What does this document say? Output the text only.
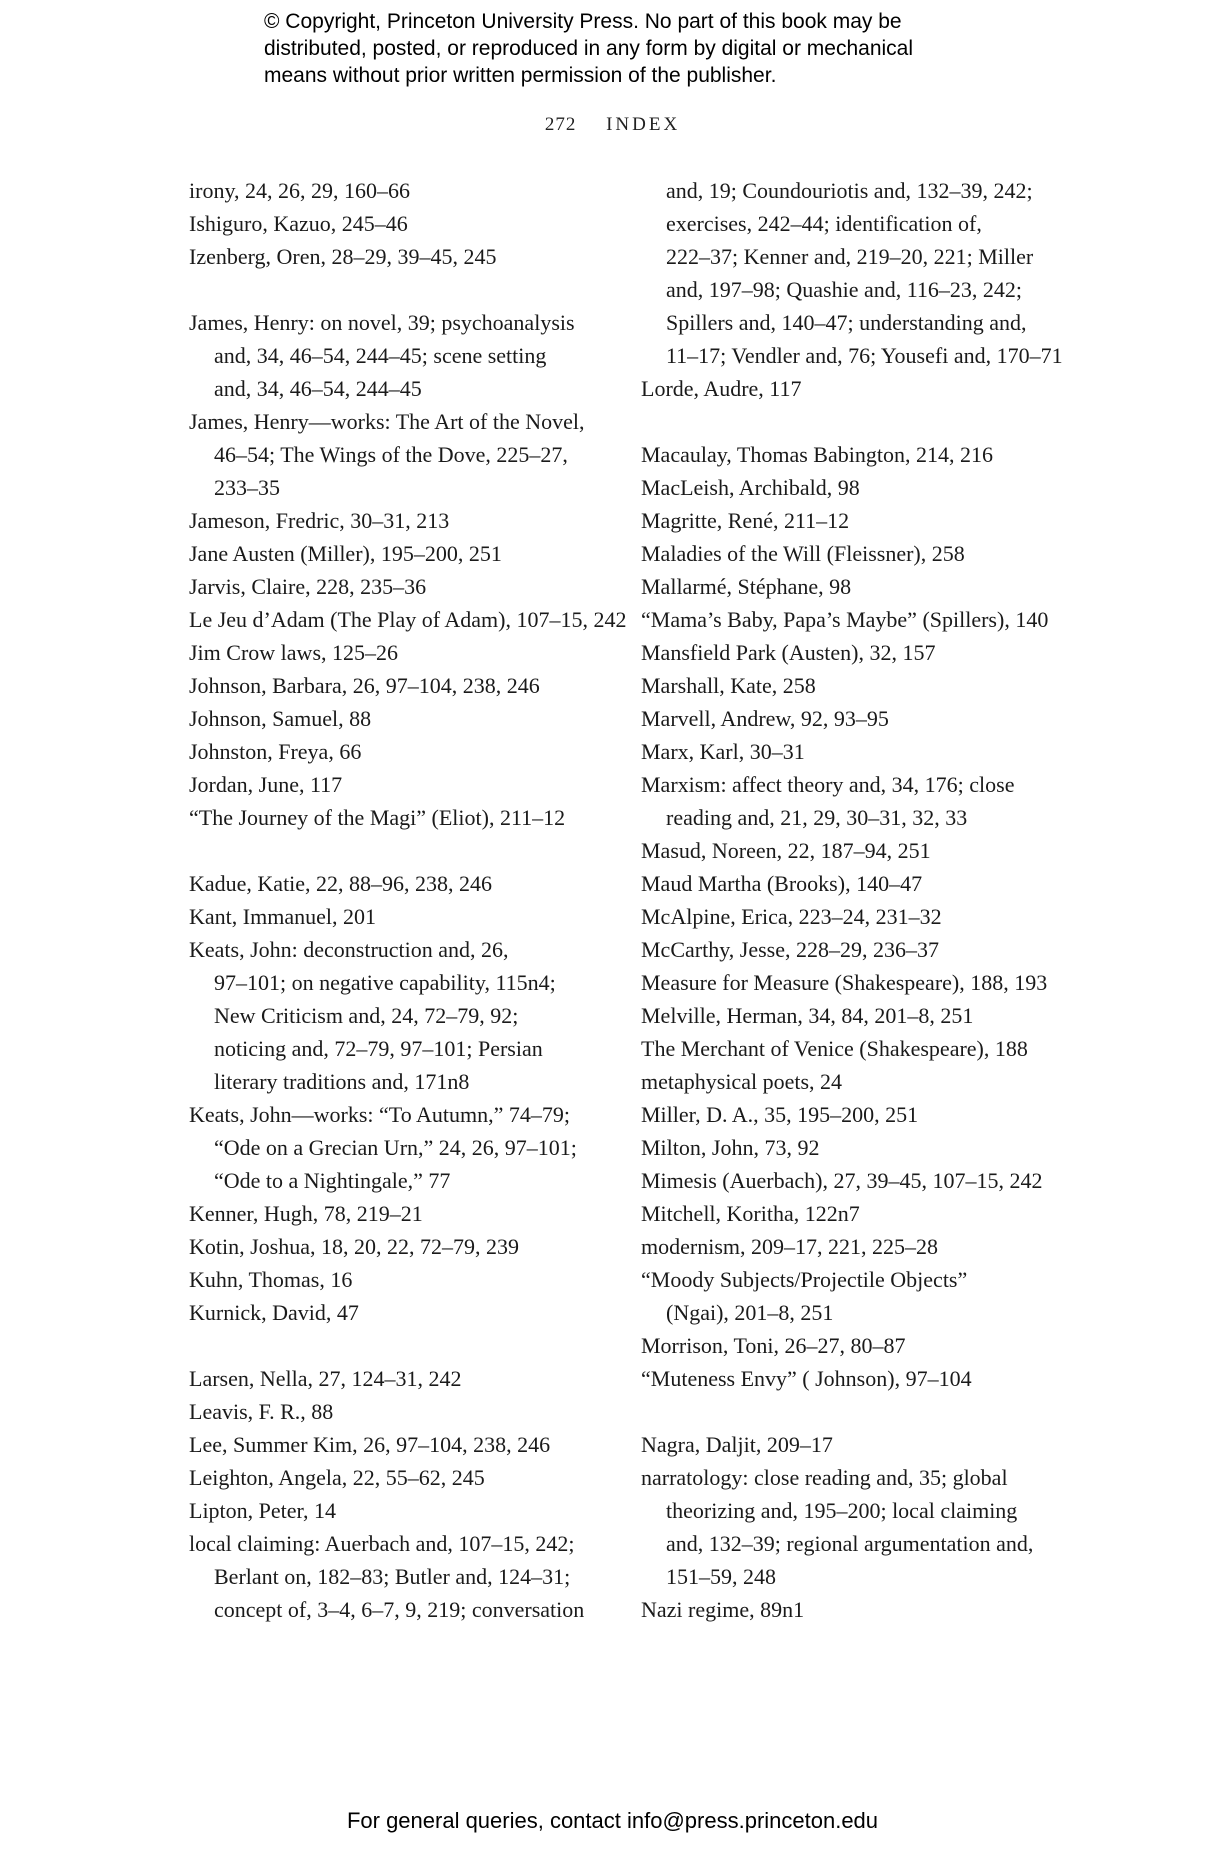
© Copyright, Princeton University Press. No part of this book may be
distributed, posted, or reproduced in any form by digital or mechanical
means without prior written permission of the publisher.
272 INDEX
irony, 24, 26, 29, 160–66
Ishiguro, Kazuo, 245–46
Izenberg, Oren, 28–29, 39–45, 245
James, Henry: on novel, 39; psychoanalysis
and, 34, 46–54, 244–45; scene setting
and, 34, 46–54, 244–45
James, Henry—works: The Art of the Novel,
46–54; The Wings of the Dove, 225–27,
233–35
Jameson, Fredric, 30–31, 213
Jane Austen (Miller), 195–200, 251
Jarvis, Claire, 228, 235–36
Le Jeu d’Adam (The Play of Adam), 107–15, 242
Jim Crow laws, 125–26
Johnson, Barbara, 26, 97–104, 238, 246
Johnson, Samuel, 88
Johnston, Freya, 66
Jordan, June, 117
“The Journey of the Magi” (Eliot), 211–12
Kadue, Katie, 22, 88–96, 238, 246
Kant, Immanuel, 201
Keats, John: deconstruction and, 26,
97–101; on negative capability, 115n4;
New Criticism and, 24, 72–79, 92;
noticing and, 72–79, 97–101; Persian
literary traditions and, 171n8
Keats, John—works: “To Autumn,” 74–79;
“Ode on a Grecian Urn,” 24, 26, 97–101;
“Ode to a Nightingale,” 77
Kenner, Hugh, 78, 219–21
Kotin, Joshua, 18, 20, 22, 72–79, 239
Kuhn, Thomas, 16
Kurnick, David, 47
Larsen, Nella, 27, 124–31, 242
Leavis, F. R., 88
Lee, Summer Kim, 26, 97–104, 238, 246
Leighton, Angela, 22, 55–62, 245
Lipton, Peter, 14
local claiming: Auerbach and, 107–15, 242;
Berlant on, 182–83; Butler and, 124–31;
concept of, 3–4, 6–7, 9, 219; conversation
and, 19; Coundouriotis and, 132–39, 242;
exercises, 242–44; identification of,
222–37; Kenner and, 219–20, 221; Miller
and, 197–98; Quashie and, 116–23, 242;
Spillers and, 140–47; understanding and,
11–17; Vendler and, 76; Yousefi and, 170–71
Lorde, Audre, 117
Macaulay, Thomas Babington, 214, 216
MacLeish, Archibald, 98
Magritte, René, 211–12
Maladies of the Will (Fleissner), 258
Mallarmé, Stéphane, 98
“Mama’s Baby, Papa’s Maybe” (Spillers), 140
Mansfield Park (Austen), 32, 157
Marshall, Kate, 258
Marvell, Andrew, 92, 93–95
Marx, Karl, 30–31
Marxism: affect theory and, 34, 176; close
reading and, 21, 29, 30–31, 32, 33
Masud, Noreen, 22, 187–94, 251
Maud Martha (Brooks), 140–47
McAlpine, Erica, 223–24, 231–32
McCarthy, Jesse, 228–29, 236–37
Measure for Measure (Shakespeare), 188, 193
Melville, Herman, 34, 84, 201–8, 251
The Merchant of Venice (Shakespeare), 188
metaphysical poets, 24
Miller, D. A., 35, 195–200, 251
Milton, John, 73, 92
Mimesis (Auerbach), 27, 39–45, 107–15, 242
Mitchell, Koritha, 122n7
modernism, 209–17, 221, 225–28
“Moody Subjects/Projectile Objects”
(Ngai), 201–8, 251
Morrison, Toni, 26–27, 80–87
“Muteness Envy” ( Johnson), 97–104
Nagra, Daljit, 209–17
narratology: close reading and, 35; global
theorizing and, 195–200; local claiming
and, 132–39; regional argumentation and,
151–59, 248
Nazi regime, 89n1
For general queries, contact info@press.princeton.edu
